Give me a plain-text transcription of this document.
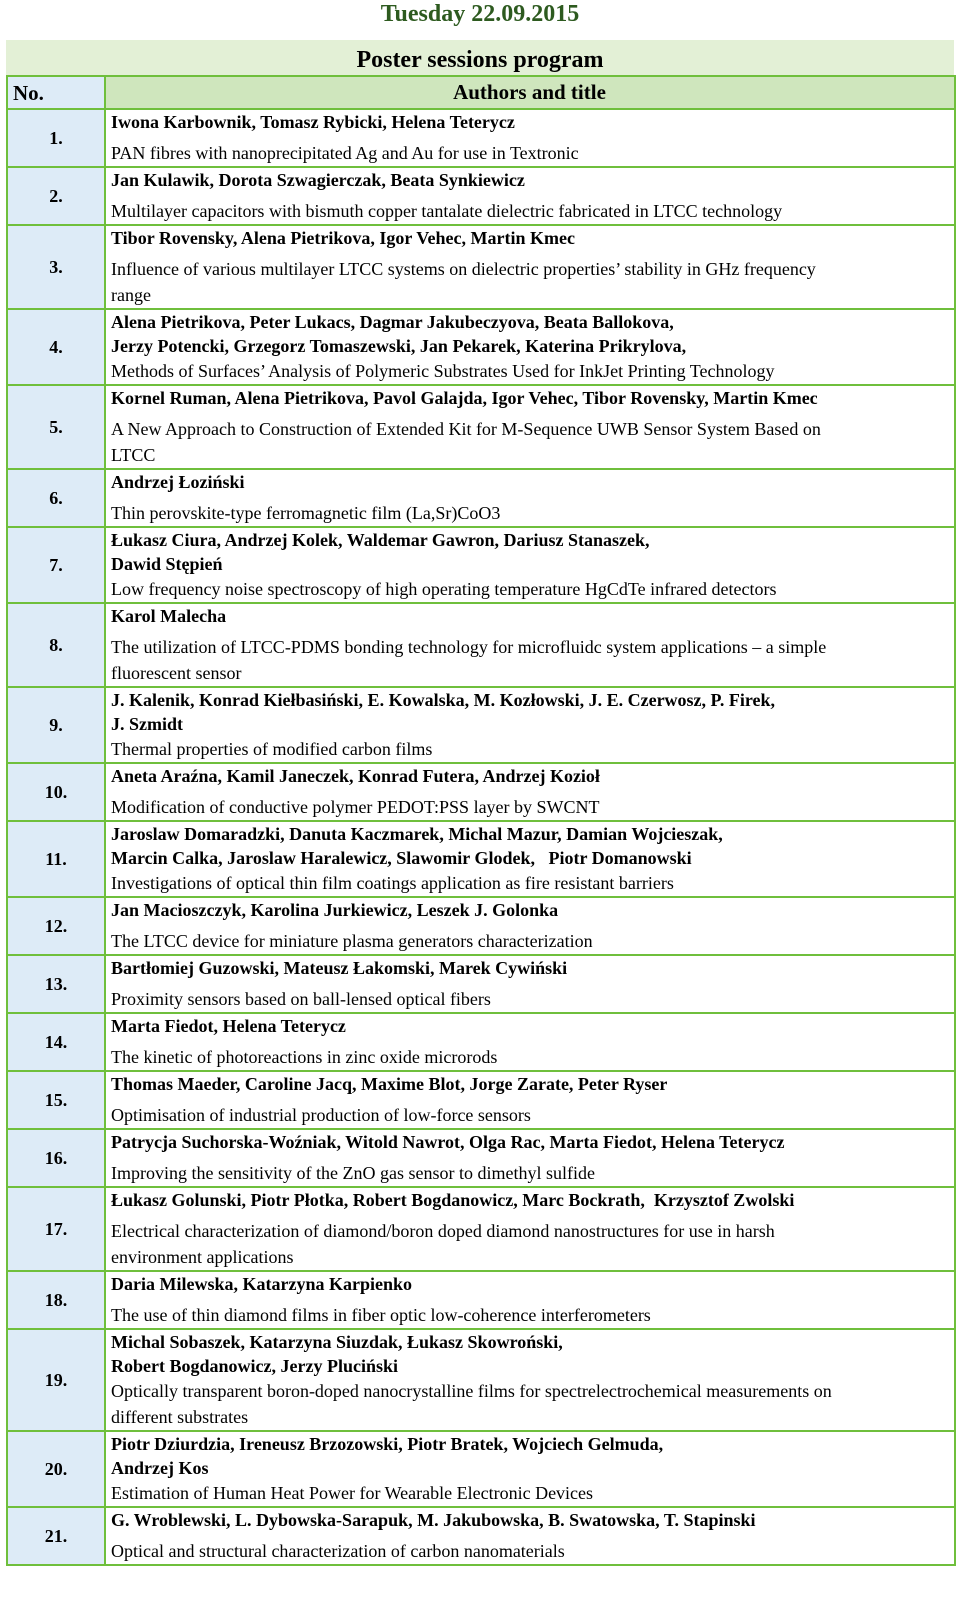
Tuesday 22.09.2015
Poster sessions program
No.	Authors and title
1.	Iwona Karbownik, Tomasz Rybicki, Helena Teterycz
PAN fibres with nanoprecipitated Ag and Au for use in Textronic

2.	Jan Kulawik, Dorota Szwagierczak, Beata Synkiewicz
Multilayer capacitors with bismuth copper tantalate dielectric fabricated in LTCC technology

3.	Tibor Rovensky, Alena Pietrikova, Igor Vehec, Martin Kmec
Influence of various multilayer LTCC systems on dielectric properties’ stability in GHz frequency
range

4.	Alena Pietrikova, Peter Lukacs, Dagmar Jakubeczyova, Beata Ballokova,
Jerzy Potencki, Grzegorz Tomaszewski, Jan Pekarek, Katerina Prikrylova,
Methods of Surfaces’ Analysis of Polymeric Substrates Used for InkJet Printing Technology

5.	Kornel Ruman, Alena Pietrikova, Pavol Galajda, Igor Vehec, Tibor Rovensky, Martin Kmec
A New Approach to Construction of Extended Kit for M-Sequence UWB Sensor System Based on
LTCC

6.	Andrzej Łoziński
Thin perovskite-type ferromagnetic film (La,Sr)CoO3

7.	Łukasz Ciura, Andrzej Kolek, Waldemar Gawron, Dariusz Stanaszek,
Dawid Stępień
Low frequency noise spectroscopy of high operating temperature HgCdTe infrared detectors

8.	Karol Malecha
The utilization of LTCC-PDMS bonding technology for microfluidc system applications – a simple
fluorescent sensor

9.	J. Kalenik, Konrad Kiełbasiński, E. Kowalska, M. Kozłowski, J. E. Czerwosz, P. Firek,
J. Szmidt
Thermal properties of modified carbon films

10.	Aneta Araźna, Kamil Janeczek, Konrad Futera, Andrzej Kozioł
Modification of conductive polymer PEDOT:PSS layer by SWCNT

11.	Jaroslaw Domaradzki, Danuta Kaczmarek, Michal Mazur, Damian Wojcieszak,
Marcin Calka, Jaroslaw Haralewicz, Slawomir Glodek,   Piotr Domanowski
Investigations of optical thin film coatings application as fire resistant barriers

12.	Jan Macioszczyk, Karolina Jurkiewicz, Leszek J. Golonka
The LTCC device for miniature plasma generators characterization

13.	Bartłomiej Guzowski, Mateusz Łakomski, Marek Cywiński
Proximity sensors based on ball-lensed optical fibers

14.	Marta Fiedot, Helena Teterycz
The kinetic of photoreactions in zinc oxide microrods

15.	Thomas Maeder, Caroline Jacq, Maxime Blot, Jorge Zarate, Peter Ryser
Optimisation of industrial production of low-force sensors

16.	Patrycja Suchorska-Woźniak, Witold Nawrot, Olga Rac, Marta Fiedot, Helena Teterycz
Improving the sensitivity of the ZnO gas sensor to dimethyl sulfide

17.	Łukasz Golunski, Piotr Płotka, Robert Bogdanowicz, Marc Bockrath,  Krzysztof Zwolski
Electrical characterization of diamond/boron doped diamond nanostructures for use in harsh
environment applications

18.	Daria Milewska, Katarzyna Karpienko
The use of thin diamond films in fiber optic low-coherence interferometers

19.	Michal Sobaszek, Katarzyna Siuzdak, Łukasz Skowroński,
Robert Bogdanowicz, Jerzy Pluciński
Optically transparent boron-doped nanocrystalline films for spectrelectrochemical measurements on
different substrates

20.	Piotr Dziurdzia, Ireneusz Brzozowski, Piotr Bratek, Wojciech Gelmuda,
Andrzej Kos
Estimation of Human Heat Power for Wearable Electronic Devices

21.	G. Wroblewski, L. Dybowska-Sarapuk, M. Jakubowska, B. Swatowska, T. Stapinski
Optical and structural characterization of carbon nanomaterials
